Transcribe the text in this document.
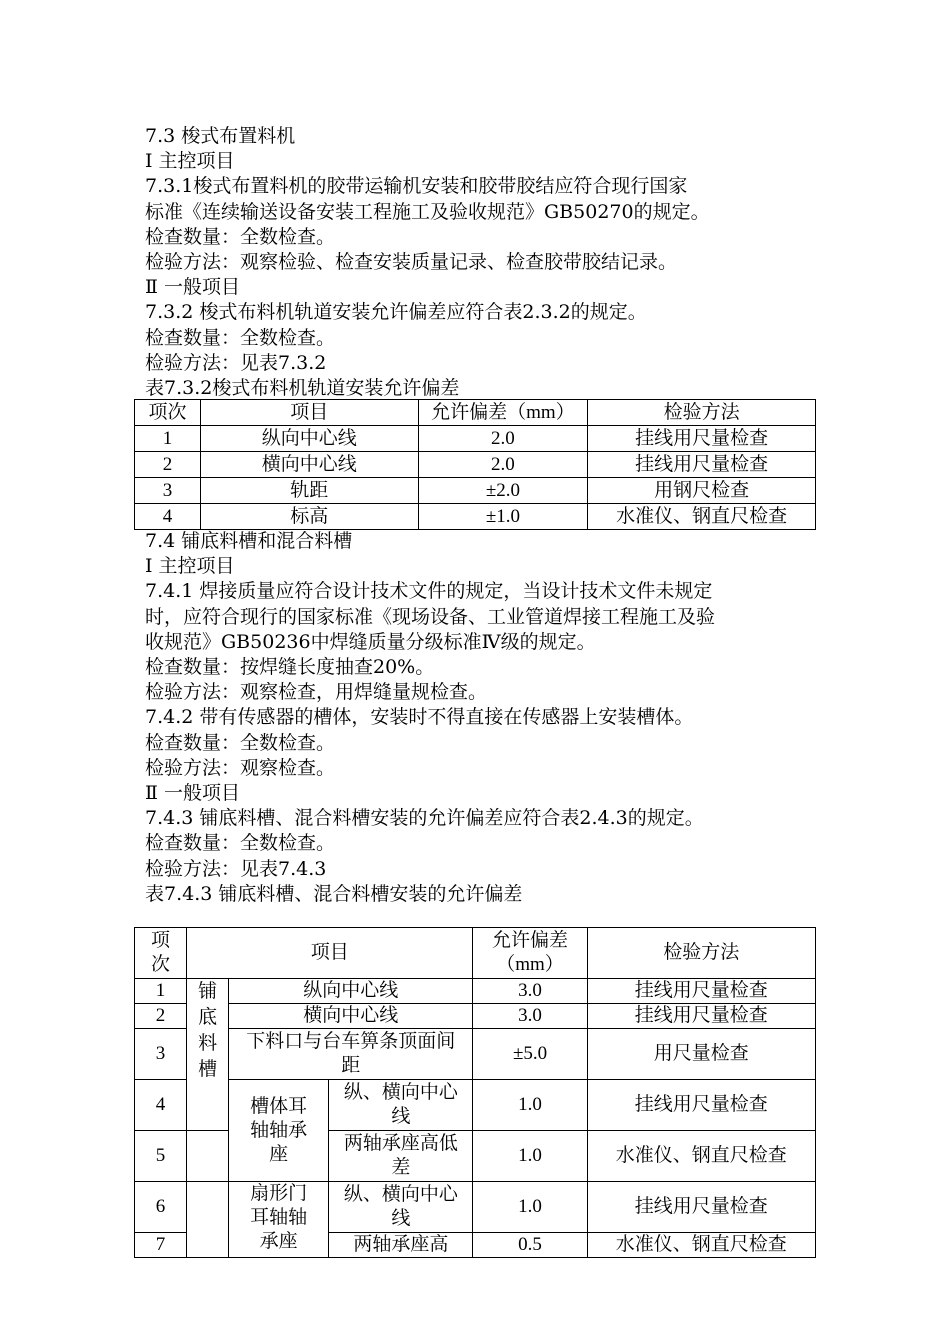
7.3 梭式布置料机
Ⅰ 主控项目
7.3.1梭式布置料机的胶带运输机安装和胶带胶结应符合现行国家
标准《连续输送设备安装工程施工及验收规范》GB50270的规定。
检查数量：全数检查。
检验方法：观察检验、检查安装质量记录、检查胶带胶结记录。
Ⅱ 一般项目
7.3.2 梭式布料机轨道安装允许偏差应符合表2.3.2的规定。
检查数量：全数检查。
检验方法：见表7.3.2
表7.3.2梭式布料机轨道安装允许偏差
项次	项目	允许偏差（mm）	检验方法
1	纵向中心线	2.0	挂线用尺量检查
2	横向中心线	2.0	挂线用尺量检查
3	轨距	±2.0	用钢尺检查
4	标高	±1.0	水准仪、钢直尺检查
7.4 铺底料槽和混合料槽
Ⅰ 主控项目
7.4.1 焊接质量应符合设计技术文件的规定，当设计技术文件未规定
时，应符合现行的国家标准《现场设备、工业管道焊接工程施工及验
收规范》GB50236中焊缝质量分级标准Ⅳ级的规定。
检查数量：按焊缝长度抽查20%。
检验方法：观察检查，用焊缝量规检查。
7.4.2 带有传感器的槽体，安装时不得直接在传感器上安装槽体。
检查数量：全数检查。
检验方法：观察检查。
Ⅱ 一般项目
7.4.3 铺底料槽、混合料槽安装的允许偏差应符合表2.4.3的规定。
检查数量：全数检查。
检验方法：见表7.4.3
表7.4.3 铺底料槽、混合料槽安装的允许偏差
项次	项目			允许偏差（mm）	检验方法
1	铺底料槽	纵向中心线		3.0	挂线用尺量检查
2		横向中心线		3.0	挂线用尺量检查
3		下料口与台车箅条顶面间距		±5.0	用尺量检查
4		槽体耳轴轴承座	纵、横向中心线	1.0	挂线用尺量检查
5			两轴承座高低差	1.0	水准仪、钢直尺检查
6		扇形门耳轴轴承座	纵、横向中心线	1.0	挂线用尺量检查
7			两轴承座高	0.5	水准仪、钢直尺检查
